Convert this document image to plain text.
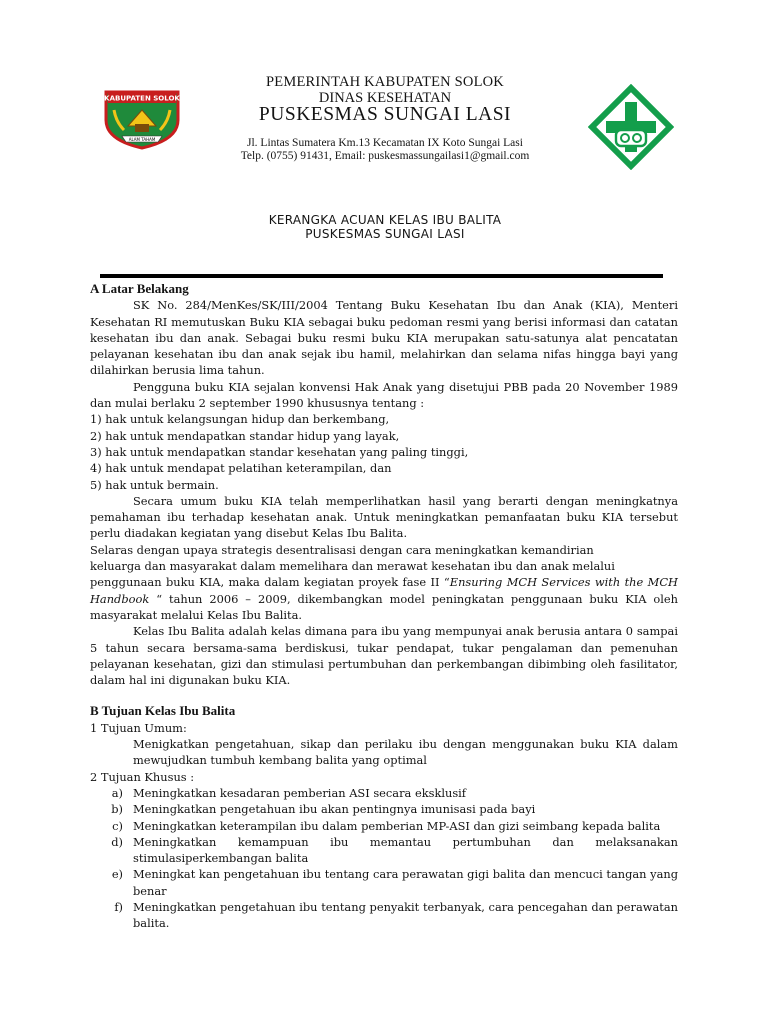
KABUPATEN SOLOK
ALAM TAHAM
PEMERINTAH KABUPATEN SOLOK
DINAS KESEHATAN
PUSKESMAS SUNGAI LASI
Jl. Lintas Sumatera Km.13 Kecamatan IX Koto Sungai Lasi
Telp. (0755) 91431, Email: puskesmassungailasi1@gmail.com
KERANGKA ACUAN KELAS IBU BALITA
PUSKESMAS SUNGAI LASI

A Latar Belakang

SK No. 284/MenKes/SK/III/2004 Tentang Buku Kesehatan Ibu dan Anak (KIA), Menteri Kesehatan RI memutuskan Buku KIA sebagai buku pedoman resmi yang berisi informasi dan catatan kesehatan ibu dan anak. Sebagai buku resmi buku KIA merupakan satu-satunya alat pencatatan pelayanan kesehatan ibu dan anak sejak ibu hamil, melahirkan dan selama nifas hingga bayi yang dilahirkan berusia lima tahun.

Pengguna buku KIA sejalan konvensi Hak Anak yang disetujui PBB pada 20 November 1989 dan mulai berlaku 2 september 1990 khususnya tentang :

1) hak untuk kelangsungan hidup dan berkembang,
2) hak untuk mendapatkan standar hidup yang layak,
3) hak untuk mendapatkan standar kesehatan yang paling tinggi,
4) hak untuk mendapat pelatihan keterampilan, dan
5) hak untuk bermain.

Secara umum buku KIA telah memperlihatkan hasil yang berarti dengan meningkatnya pemahaman ibu terhadap kesehatan anak. Untuk meningkatkan pemanfaatan buku KIA tersebut perlu diadakan kegiatan yang disebut Kelas Ibu Balita.

Selaras dengan upaya strategis desentralisasi dengan cara meningkatkan kemandirian

keluarga dan masyarakat dalam memelihara dan merawat kesehatan ibu dan anak melalui

penggunaan buku KIA, maka dalam kegiatan proyek fase II “Ensuring MCH Services with the MCH Handbook “ tahun 2006 – 2009, dikembangkan model peningkatan penggunaan buku KIA oleh masyarakat melalui Kelas Ibu Balita.

Kelas Ibu Balita adalah kelas dimana para ibu yang mempunyai anak berusia antara 0 sampai 5 tahun secara bersama-sama berdiskusi, tukar pendapat, tukar pengalaman dan pemenuhan pelayanan kesehatan, gizi dan stimulasi pertumbuhan dan perkembangan dibimbing oleh fasilitator, dalam hal ini digunakan buku KIA.

B Tujuan Kelas Ibu Balita

1 Tujuan Umum:

Menigkatkan pengetahuan, sikap dan perilaku ibu dengan menggunakan buku KIA dalam mewujudkan tumbuh kembang balita yang optimal

2 Tujuan Khusus :

a) Meningkatkan kesadaran pemberian ASI secara eksklusif
b) Meningkatkan pengetahuan ibu akan pentingnya imunisasi pada bayi
c) Meningkatkan keterampilan ibu dalam pemberian MP-ASI dan gizi seimbang kepada balita
d) Meningkatkan kemampuan ibu memantau pertumbuhan dan melaksanakan stimulasiperkembangan balita
e) Meningkat kan pengetahuan ibu tentang cara perawatan gigi balita dan mencuci tangan yang benar
f) Meningkatkan pengetahuan ibu tentang penyakit terbanyak, cara pencegahan dan perawatan balita.
